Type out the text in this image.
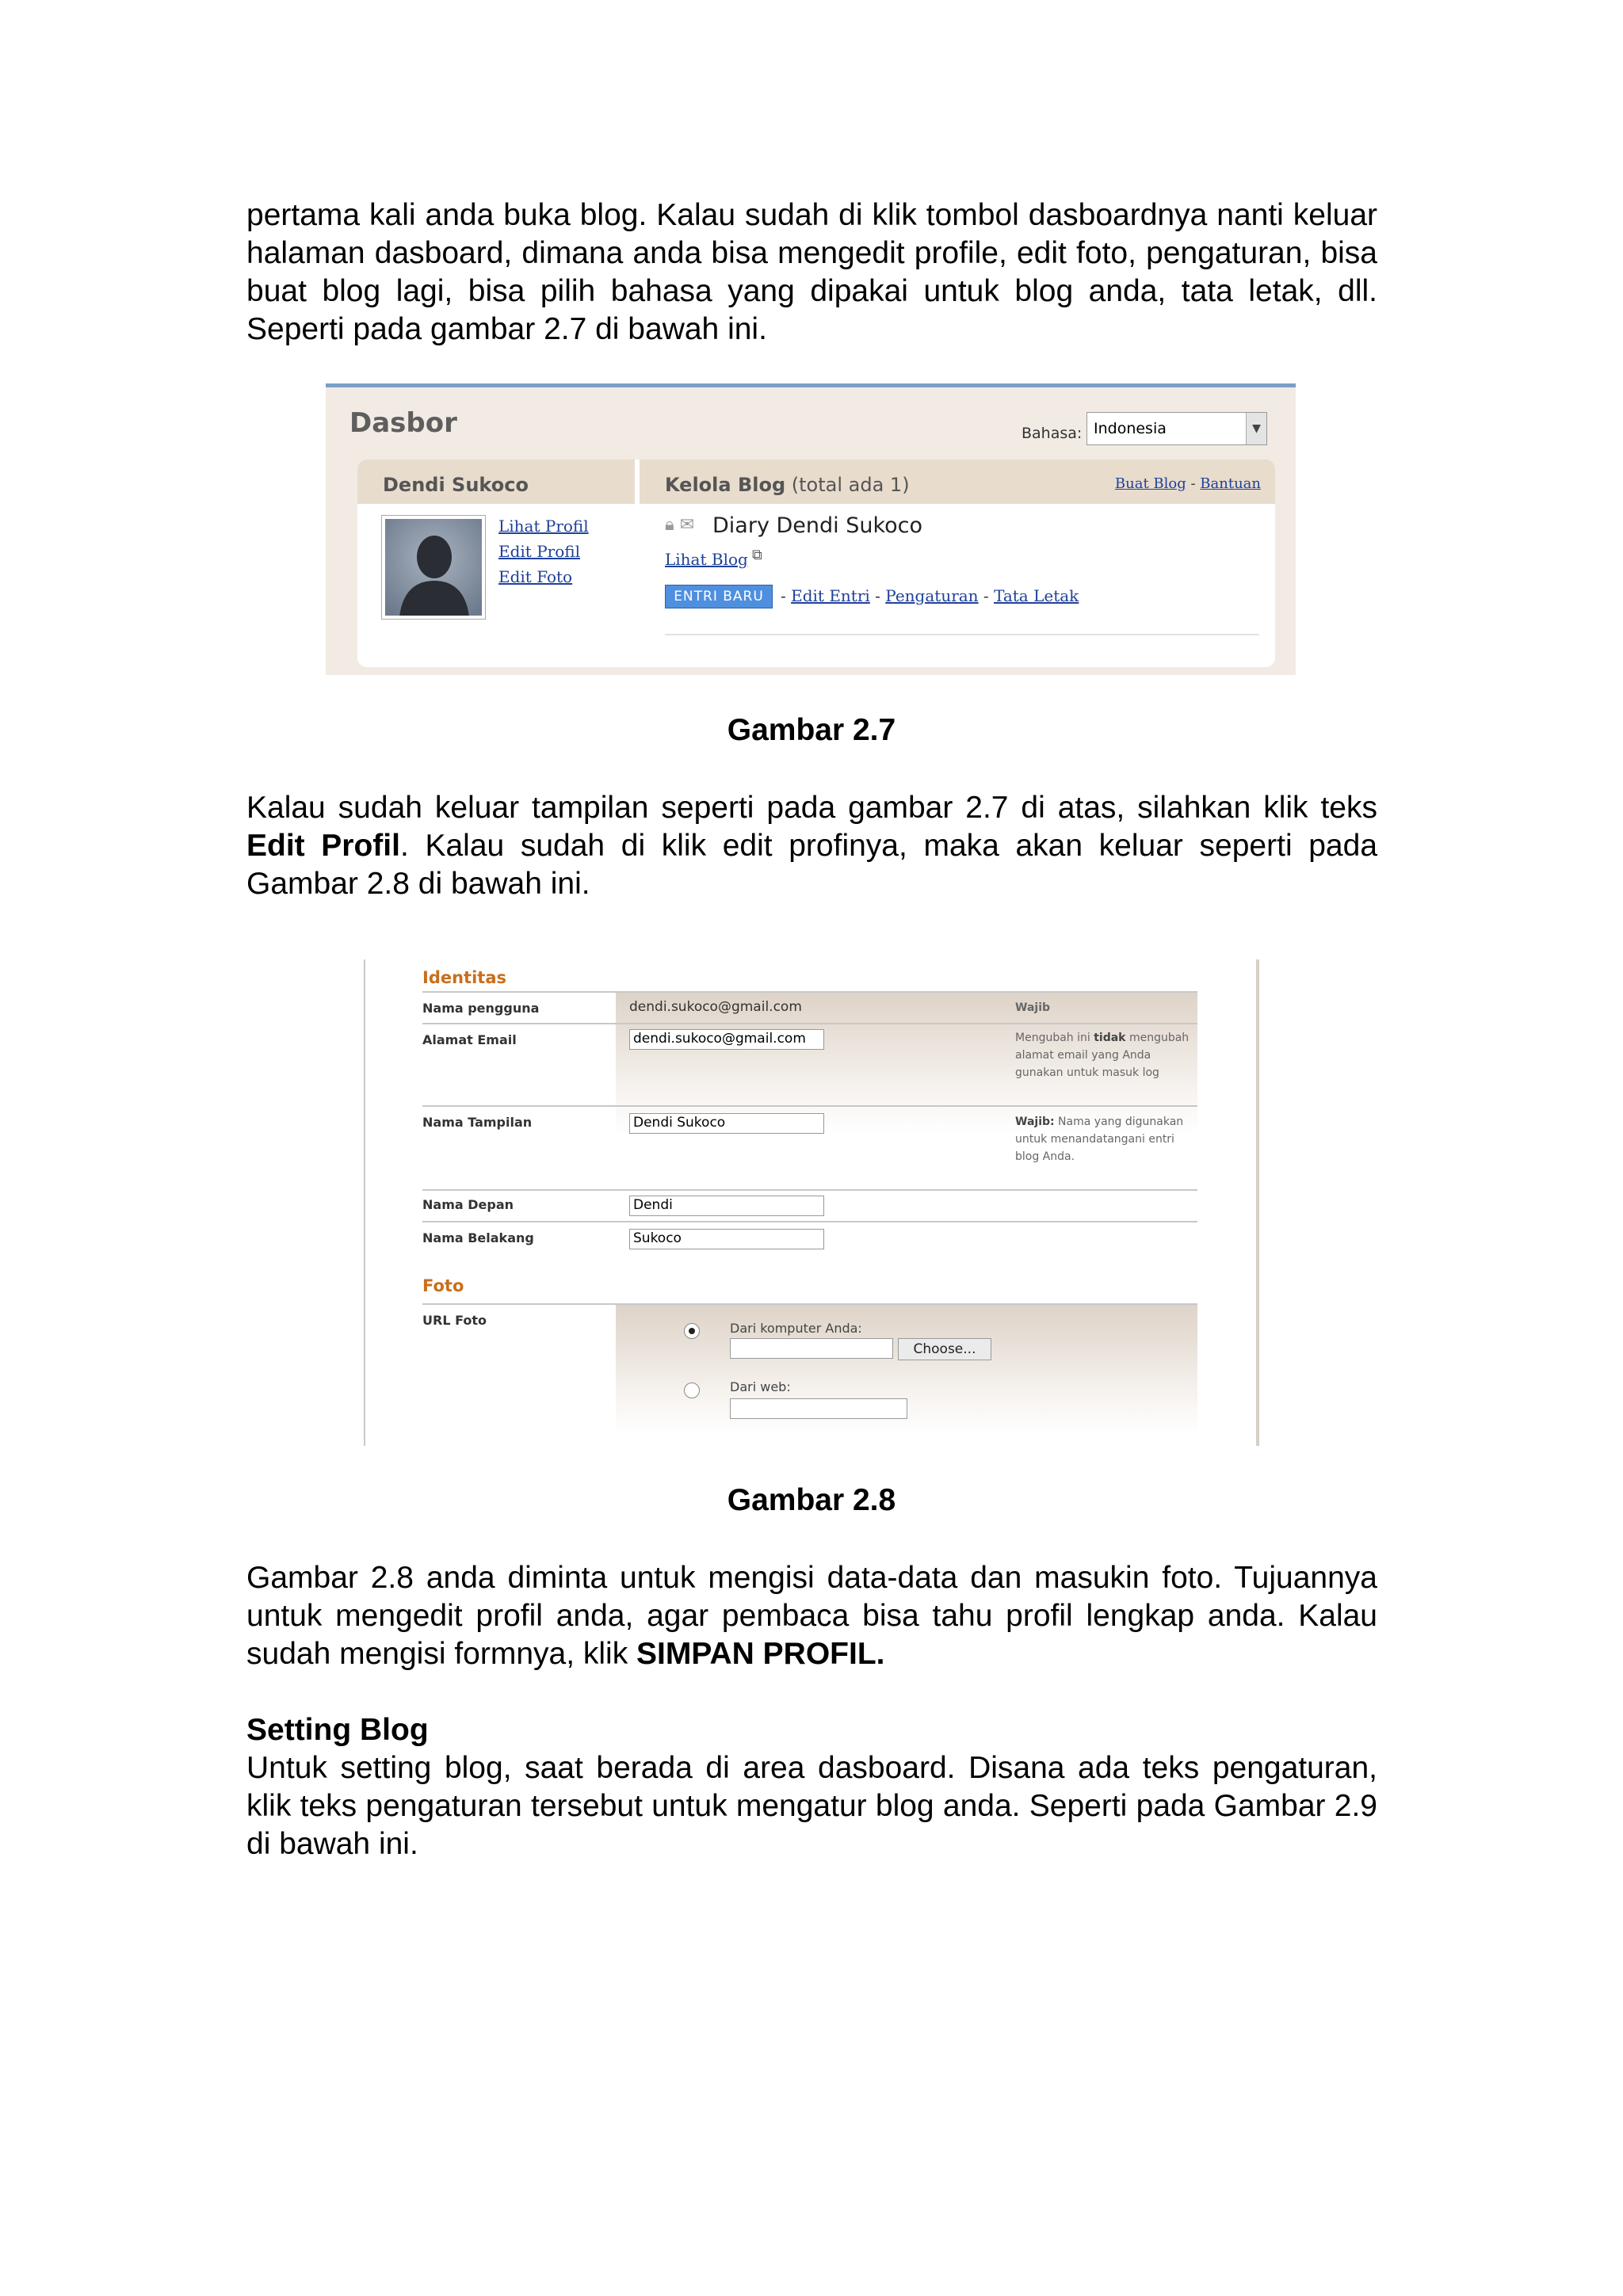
pertama kali anda buka blog. Kalau sudah di klik tombol dasboardnya nanti keluar halaman dasboard, dimana anda bisa mengedit profile, edit foto, pengaturan, bisa buat blog lagi, bisa pilih bahasa yang dipakai untuk blog anda, tata letak, dll. Seperti pada gambar 2.7 di bawah ini.

Dasbor	Bahasa: Indonesia	▼
Dendi Sukoco	Kelola Blog (total ada 1)	Buat Blog - Bantuan
Lihat Profil
Edit Profil
Edit Foto
🔒︎ ✉︎ Diary Dendi Sukoco
Lihat Blog ⧉
ENTRI BARU	- Edit Entri - Pengaturan - Tata Letak
Gambar 2.7

Kalau sudah keluar tampilan seperti pada gambar 2.7 di atas, silahkan klik teks Edit Profil. Kalau sudah di klik edit profinya, maka akan keluar seperti pada Gambar 2.8 di bawah ini.

Identitas
Nama pengguna	dendi.sukoco@gmail.com	Wajib
Alamat Email	dendi.sukoco@gmail.com	Mengubah ini tidak mengubah alamat email yang Anda gunakan untuk masuk log
Nama Tampilan	Dendi Sukoco	Wajib: Nama yang digunakan untuk menandatangani entri blog Anda.
Nama Depan	Dendi
Nama Belakang	Sukoco
Foto
URL Foto
Dari komputer Anda:
Choose...
Dari web:
Gambar 2.8

Gambar 2.8 anda diminta untuk mengisi data-data dan masukin foto. Tujuannya untuk mengedit profil anda, agar pembaca bisa tahu profil lengkap anda. Kalau sudah mengisi formnya, klik SIMPAN PROFIL.

Setting Blog

Untuk setting blog, saat berada di area dasboard. Disana ada teks pengaturan, klik teks pengaturan tersebut untuk mengatur blog anda. Seperti pada Gambar 2.9 di bawah ini.
